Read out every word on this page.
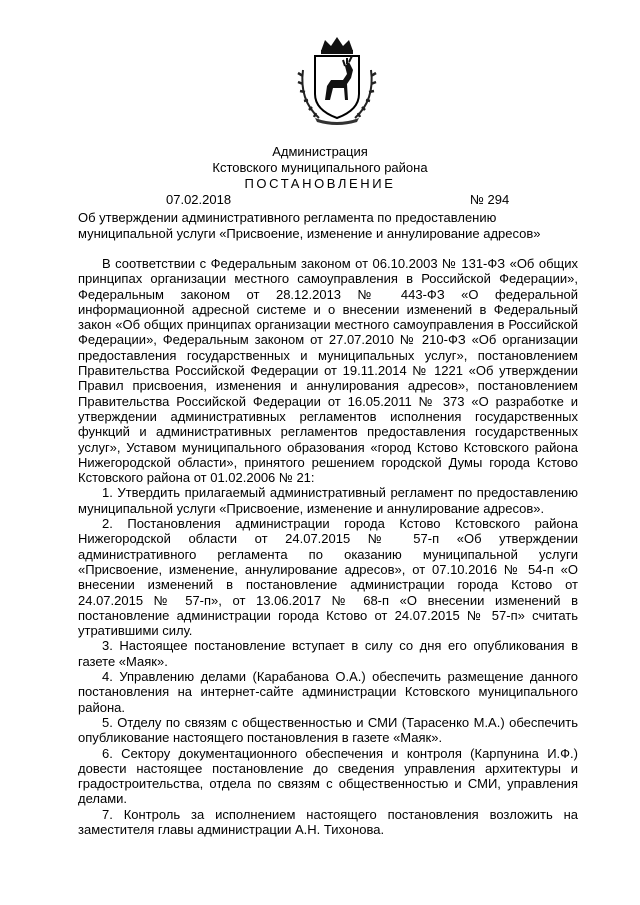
Администрация
Кстовского муниципального района
ПОСТАНОВЛЕНИЕ
07.02.2018	№ 294
Об утверждении административного регламента по предоставлению муниципальной услуги «Присвоение, изменение и аннулирование адресов»

В соответствии с Федеральным законом от 06.10.2003 № 131-ФЗ «Об общих принципах организации местного самоуправления в Российской Федерации», Федеральным законом от 28.12.2013 № 443-ФЗ «О федеральной информационной адресной системе и о внесении изменений в Федеральный закон «Об общих принципах организации местного самоуправления в Российской Федерации», Федеральным законом от 27.07.2010 № 210-ФЗ «Об организации предоставления государственных и муниципальных услуг», постановлением Правительства Российской Федерации от 19.11.2014 № 1221 «Об утверждении Правил присвоения, изменения и аннулирования адресов», постановлением Правительства Российской Федерации от 16.05.2011 № 373 «О разработке и утверждении административных регламентов исполнения государственных функций и административных регламентов предоставления государственных услуг», Уставом муниципального образования «город Кстово Кстовского района Нижегородской области», принятого решением городской Думы города Кстово Кстовского района от 01.02.2006 № 21:

1. Утвердить прилагаемый административный регламент по предоставлению муниципальной услуги «Присвоение, изменение и аннулирование адресов».

2. Постановления администрации города Кстово Кстовского района Нижегородской области от 24.07.2015 № 57-п «Об утверждении административного регламента по оказанию муниципальной услуги «Присвоение, изменение, аннулирование адресов», от 07.10.2016 № 54-п «О внесении изменений в постановление администрации города Кстово от 24.07.2015 № 57-п», от 13.06.2017 № 68-п «О внесении изменений в постановление администрации города Кстово от 24.07.2015 № 57-п» считать утратившими силу.

3. Настоящее постановление вступает в силу со дня его опубликования в газете «Маяк».

4. Управлению делами (Карабанова О.А.) обеспечить размещение данного постановления на интернет-сайте администрации Кстовского муниципального района.

5. Отделу по связям с общественностью и СМИ (Тарасенко М.А.) обеспечить опубликование настоящего постановления в газете «Маяк».

6. Сектору документационного обеспечения и контроля (Карпунина И.Ф.) довести настоящее постановление до сведения управления архитектуры и градостроительства, отдела по связям с общественностью и СМИ, управления делами.

7. Контроль за исполнением настоящего постановления возложить на заместителя главы администрации А.Н. Тихонова.
